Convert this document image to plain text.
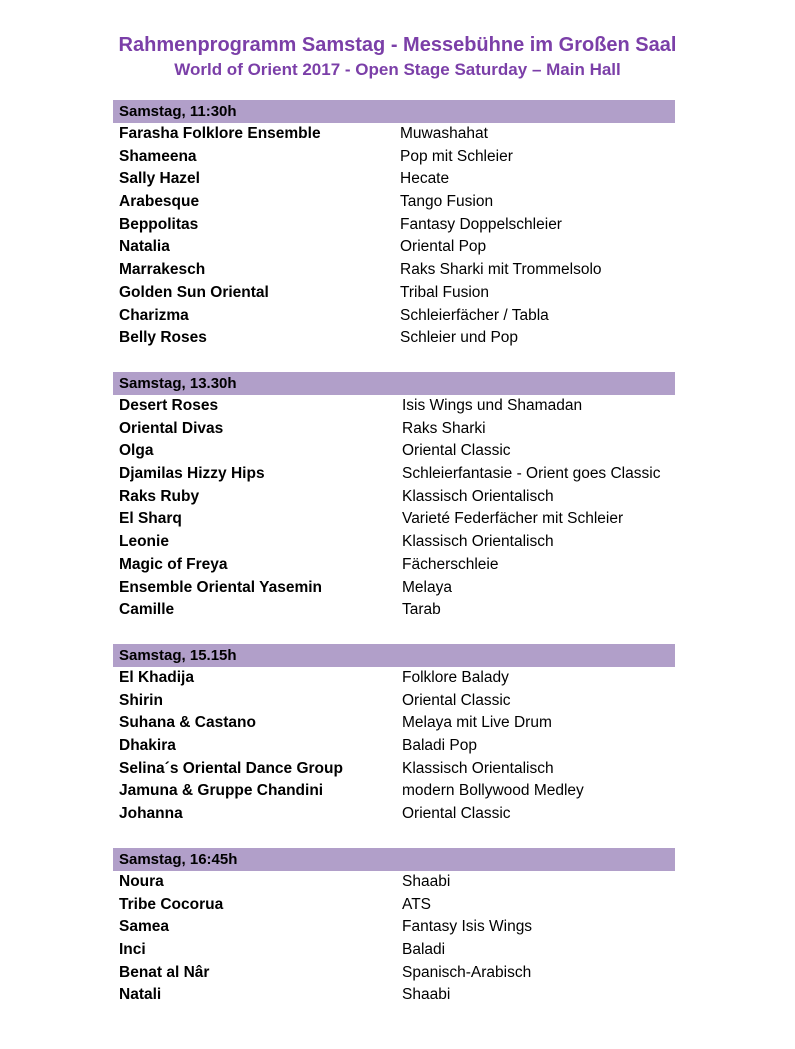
Rahmenprogramm Samstag - Messebühne im Großen Saal
World of Orient 2017 - Open Stage Saturday – Main Hall
Samstag, 11:30h
Farasha Folklore Ensemble	Muwashahat
Shameena	Pop mit Schleier
Sally Hazel	Hecate
Arabesque	Tango Fusion
Beppolitas	Fantasy Doppelschleier
Natalia	Oriental Pop
Marrakesch	Raks Sharki mit Trommelsolo
Golden Sun Oriental	Tribal Fusion
Charizma	Schleierfächer / Tabla
Belly Roses	Schleier und Pop
Samstag, 13.30h
Desert Roses	Isis Wings und Shamadan
Oriental Divas	Raks Sharki
Olga	Oriental Classic
Djamilas Hizzy Hips	Schleierfantasie - Orient goes Classic
Raks Ruby	Klassisch Orientalisch
El Sharq	Varieté Federfächer mit Schleier
Leonie	Klassisch Orientalisch
Magic of Freya	Fächerschleie
Ensemble Oriental Yasemin	Melaya
Camille	Tarab
Samstag, 15.15h
El Khadija	Folklore Balady
Shirin	Oriental Classic
Suhana & Castano	Melaya mit Live Drum
Dhakira	Baladi Pop
Selina´s Oriental Dance Group	Klassisch Orientalisch
Jamuna & Gruppe Chandini	modern Bollywood Medley
Johanna	Oriental Classic
Samstag, 16:45h
Noura	Shaabi
Tribe Cocorua	ATS
Samea	Fantasy Isis Wings
Inci	Baladi
Benat al Nâr	Spanisch-Arabisch
Natali	Shaabi
